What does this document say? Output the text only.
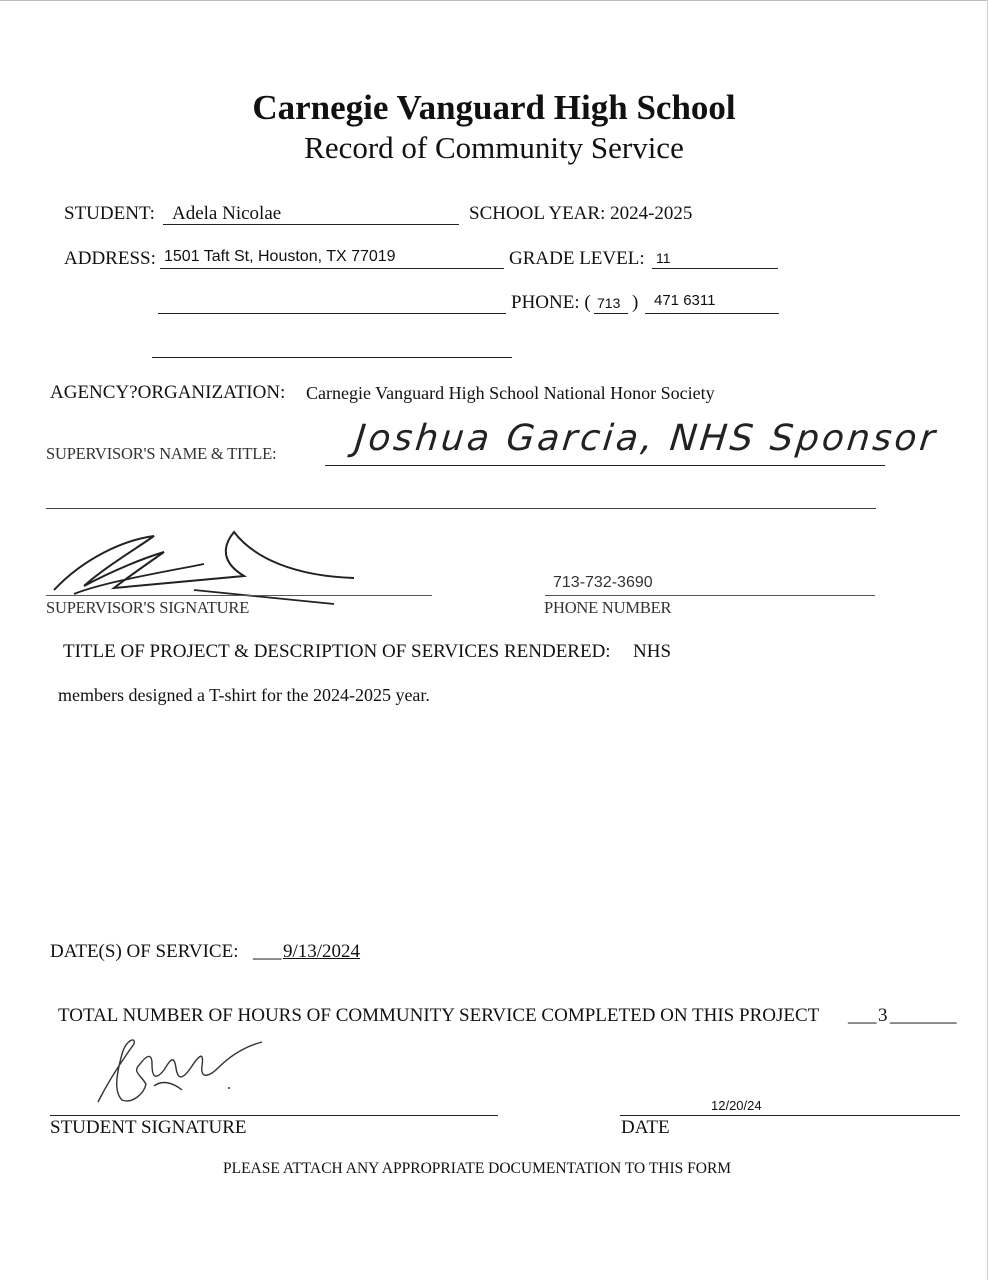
Carnegie Vanguard High School
Record of Community Service
STUDENT: Adela Nicolae	SCHOOL YEAR: 2024-2025
ADDRESS: 1501 Taft St, Houston, TX 77019	GRADE LEVEL: 11
PHONE: ( 713 ) 471 6311
AGENCY?ORGANIZATION: Carnegie Vanguard High School National Honor Society
SUPERVISOR'S NAME & TITLE: Joshua Garcia, NHS Sponsor
SUPERVISOR'S SIGNATURE
713-732-3690
PHONE NUMBER
TITLE OF PROJECT & DESCRIPTION OF SERVICES RENDERED: NHS
members designed a T-shirt for the 2024-2025 year.
DATE(S) OF SERVICE: ___ 9/13/2024
TOTAL NUMBER OF HOURS OF COMMUNITY SERVICE COMPLETED ON THIS PROJECT ___ 3 _______
STUDENT SIGNATURE
12/20/24
DATE
PLEASE ATTACH ANY APPROPRIATE DOCUMENTATION TO THIS FORM
